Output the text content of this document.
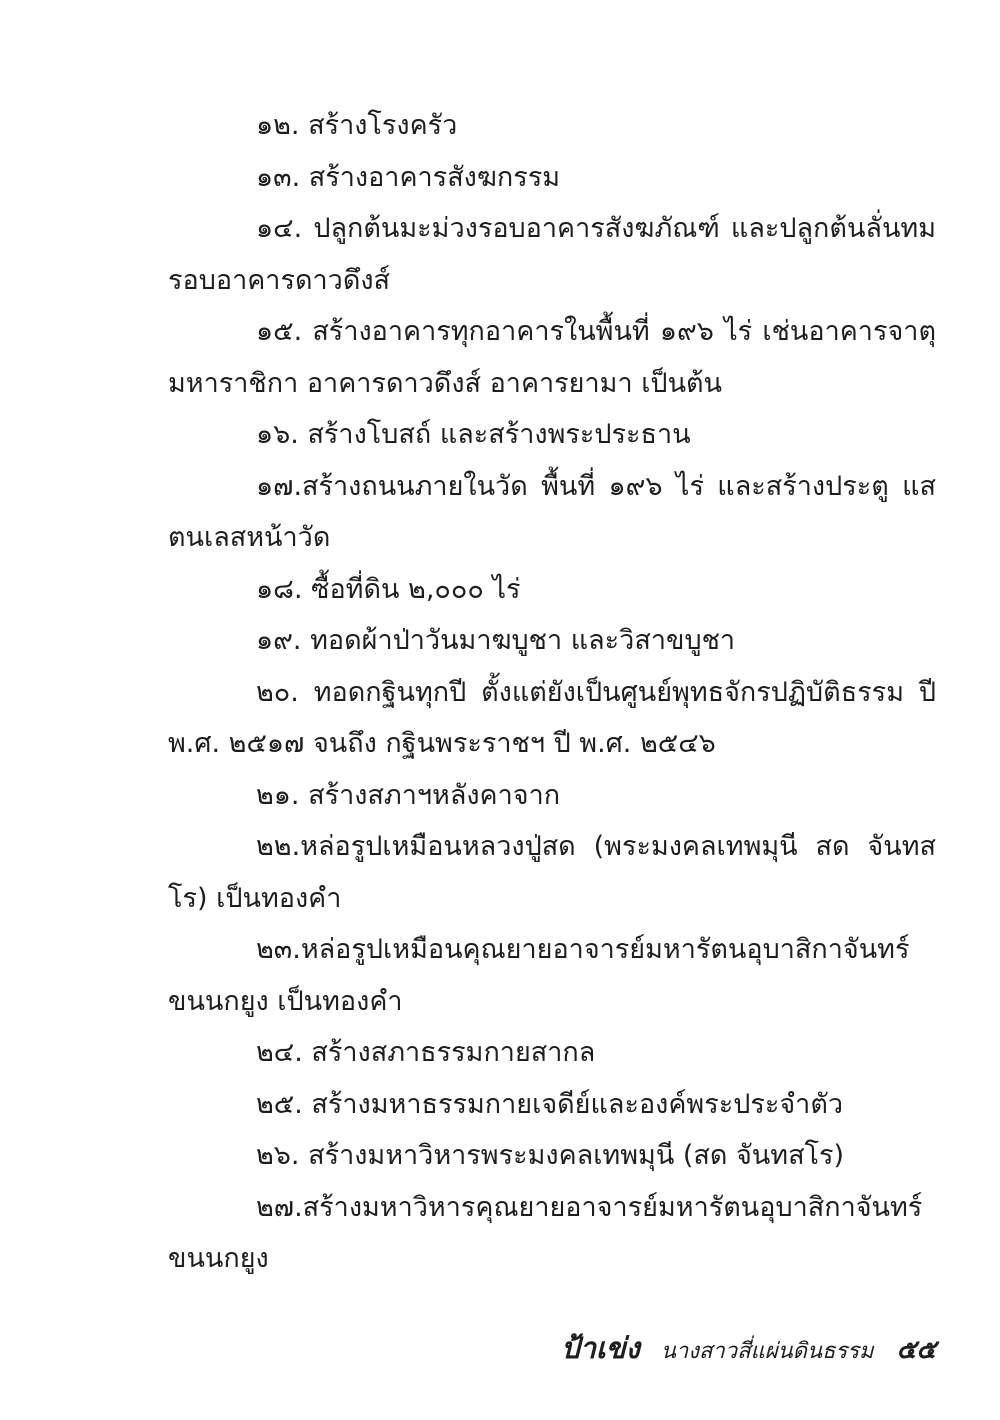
๑๒. สร้างโรงครัว

๑๓. สร้างอาคารสังฆกรรม

๑๔. ปลูกต้นมะม่วงรอบอาคารสังฆภัณฑ์ และปลูกต้นลั่นทม รอบอาคารดาวดึงส์

๑๕. สร้างอาคารทุกอาคารในพื้นที่ ๑๙๖ ไร่ เช่นอาคารจาตุ มหาราชิกา อาคารดาวดึงส์ อาคารยามา เป็นต้น

๑๖. สร้างโบสถ์ และสร้างพระประธาน

๑๗.สร้างถนนภายในวัด พื้นที่ ๑๙๖ ไร่ และสร้างประตู แสตนเลสหน้าวัด

๑๘. ซื้อที่ดิน ๒,๐๐๐ ไร่

๑๙. ทอดผ้าป่าวันมาฆบูชา และวิสาขบูชา

๒๐. ทอดกฐินทุกปี ตั้งแต่ยังเป็นศูนย์พุทธจักรปฏิบัติธรรม ปี พ.ศ. ๒๕๑๗ จนถึง กฐินพระราชฯ ปี พ.ศ. ๒๕๔๖

๒๑. สร้างสภาฯหลังคาจาก

๒๒.หล่อรูปเหมือนหลวงปู่สด (พระมงคลเทพมุนี สด จันทสโร) เป็นทองคำ

๒๓.หล่อรูปเหมือนคุณยายอาจารย์มหารัตนอุบาสิกาจันทร์ ขนนกยูง เป็นทองคำ

๒๔. สร้างสภาธรรมกายสากล

๒๕. สร้างมหาธรรมกายเจดีย์และองค์พระประจำตัว

๒๖. สร้างมหาวิหารพระมงคลเทพมุนี (สด จันทสโร)

๒๗.สร้างมหาวิหารคุณยายอาจารย์มหารัตนอุบาสิกาจันทร์ ขนนกยูง

ป้าเข่ง นางสาวสี่แผ่นดินธรรม ๕๕
